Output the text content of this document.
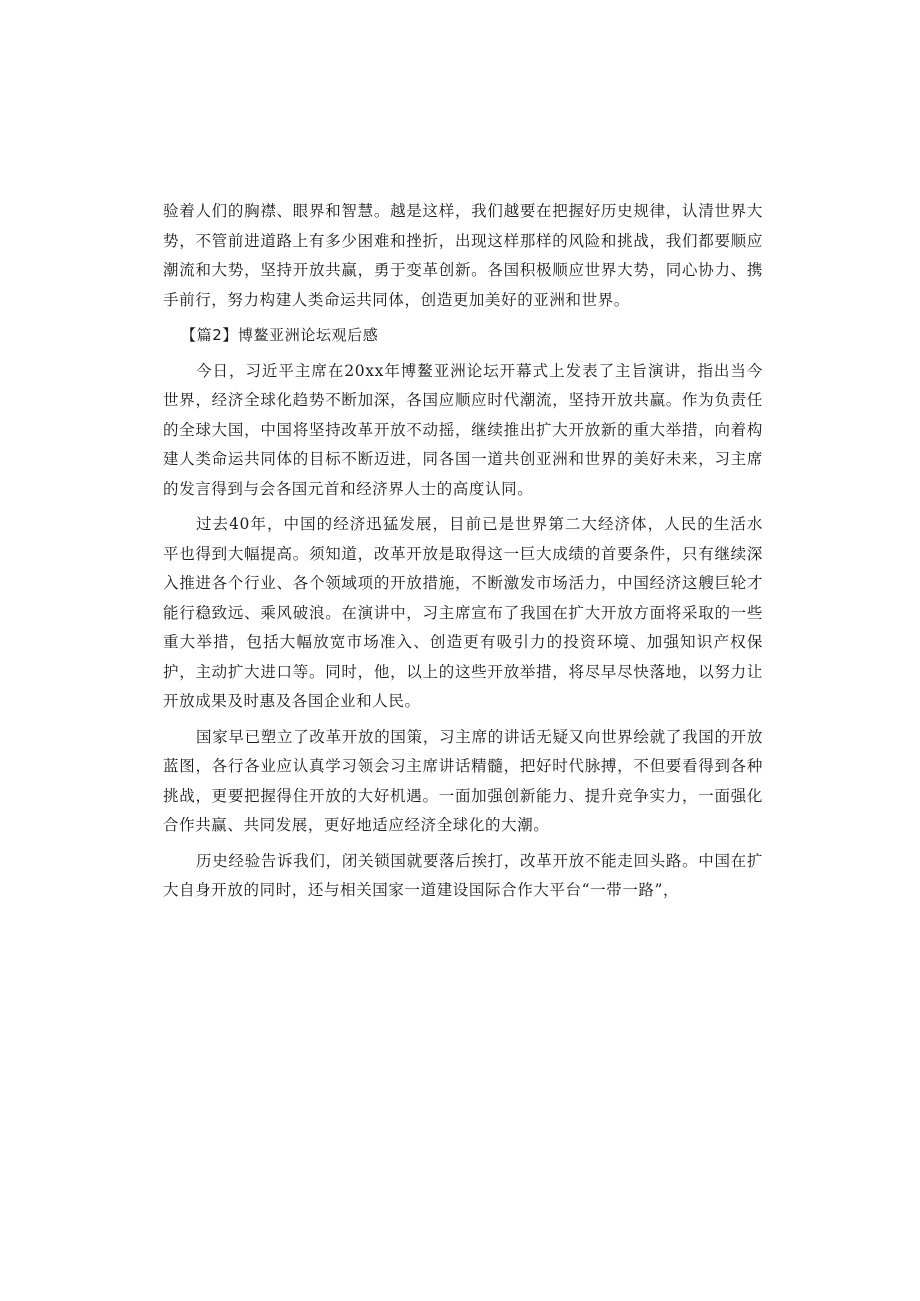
验着人们的胸襟、眼界和智慧。越是这样，我们越要在把握好历史规律，认清世界大势，不管前进道路上有多少困难和挫折，出现这样那样的风险和挑战，我们都要顺应潮流和大势，坚持开放共赢，勇于变革创新。各国积极顺应世界大势，同心协力、携手前行，努力构建人类命运共同体，创造更加美好的亚洲和世界。

【篇2】博鳌亚洲论坛观后感

今日，习近平主席在20xx年博鳌亚洲论坛开幕式上发表了主旨演讲，指出当今世界，经济全球化趋势不断加深，各国应顺应时代潮流，坚持开放共赢。作为负责任的全球大国，中国将坚持改革开放不动摇，继续推出扩大开放新的重大举措，向着构建人类命运共同体的目标不断迈进，同各国一道共创亚洲和世界的美好未来，习主席的发言得到与会各国元首和经济界人士的高度认同。

过去40年，中国的经济迅猛发展，目前已是世界第二大经济体，人民的生活水平也得到大幅提高。须知道，改革开放是取得这一巨大成绩的首要条件，只有继续深入推进各个行业、各个领域项的开放措施，不断激发市场活力，中国经济这艘巨轮才能行稳致远、乘风破浪。在演讲中，习主席宣布了我国在扩大开放方面将采取的一些重大举措，包括大幅放宽市场准入、创造更有吸引力的投资环境、加强知识产权保护，主动扩大进口等。同时，他，以上的这些开放举措，将尽早尽快落地，以努力让开放成果及时惠及各国企业和人民。

国家早已塑立了改革开放的国策，习主席的讲话无疑又向世界绘就了我国的开放蓝图，各行各业应认真学习领会习主席讲话精髓，把好时代脉搏，不但要看得到各种挑战，更要把握得住开放的大好机遇。一面加强创新能力、提升竞争实力，一面强化合作共赢、共同发展，更好地适应经济全球化的大潮。

历史经验告诉我们，闭关锁国就要落后挨打，改革开放不能走回头路。中国在扩大自身开放的同时，还与相关国家一道建设国际合作大平台“一带一路”，
